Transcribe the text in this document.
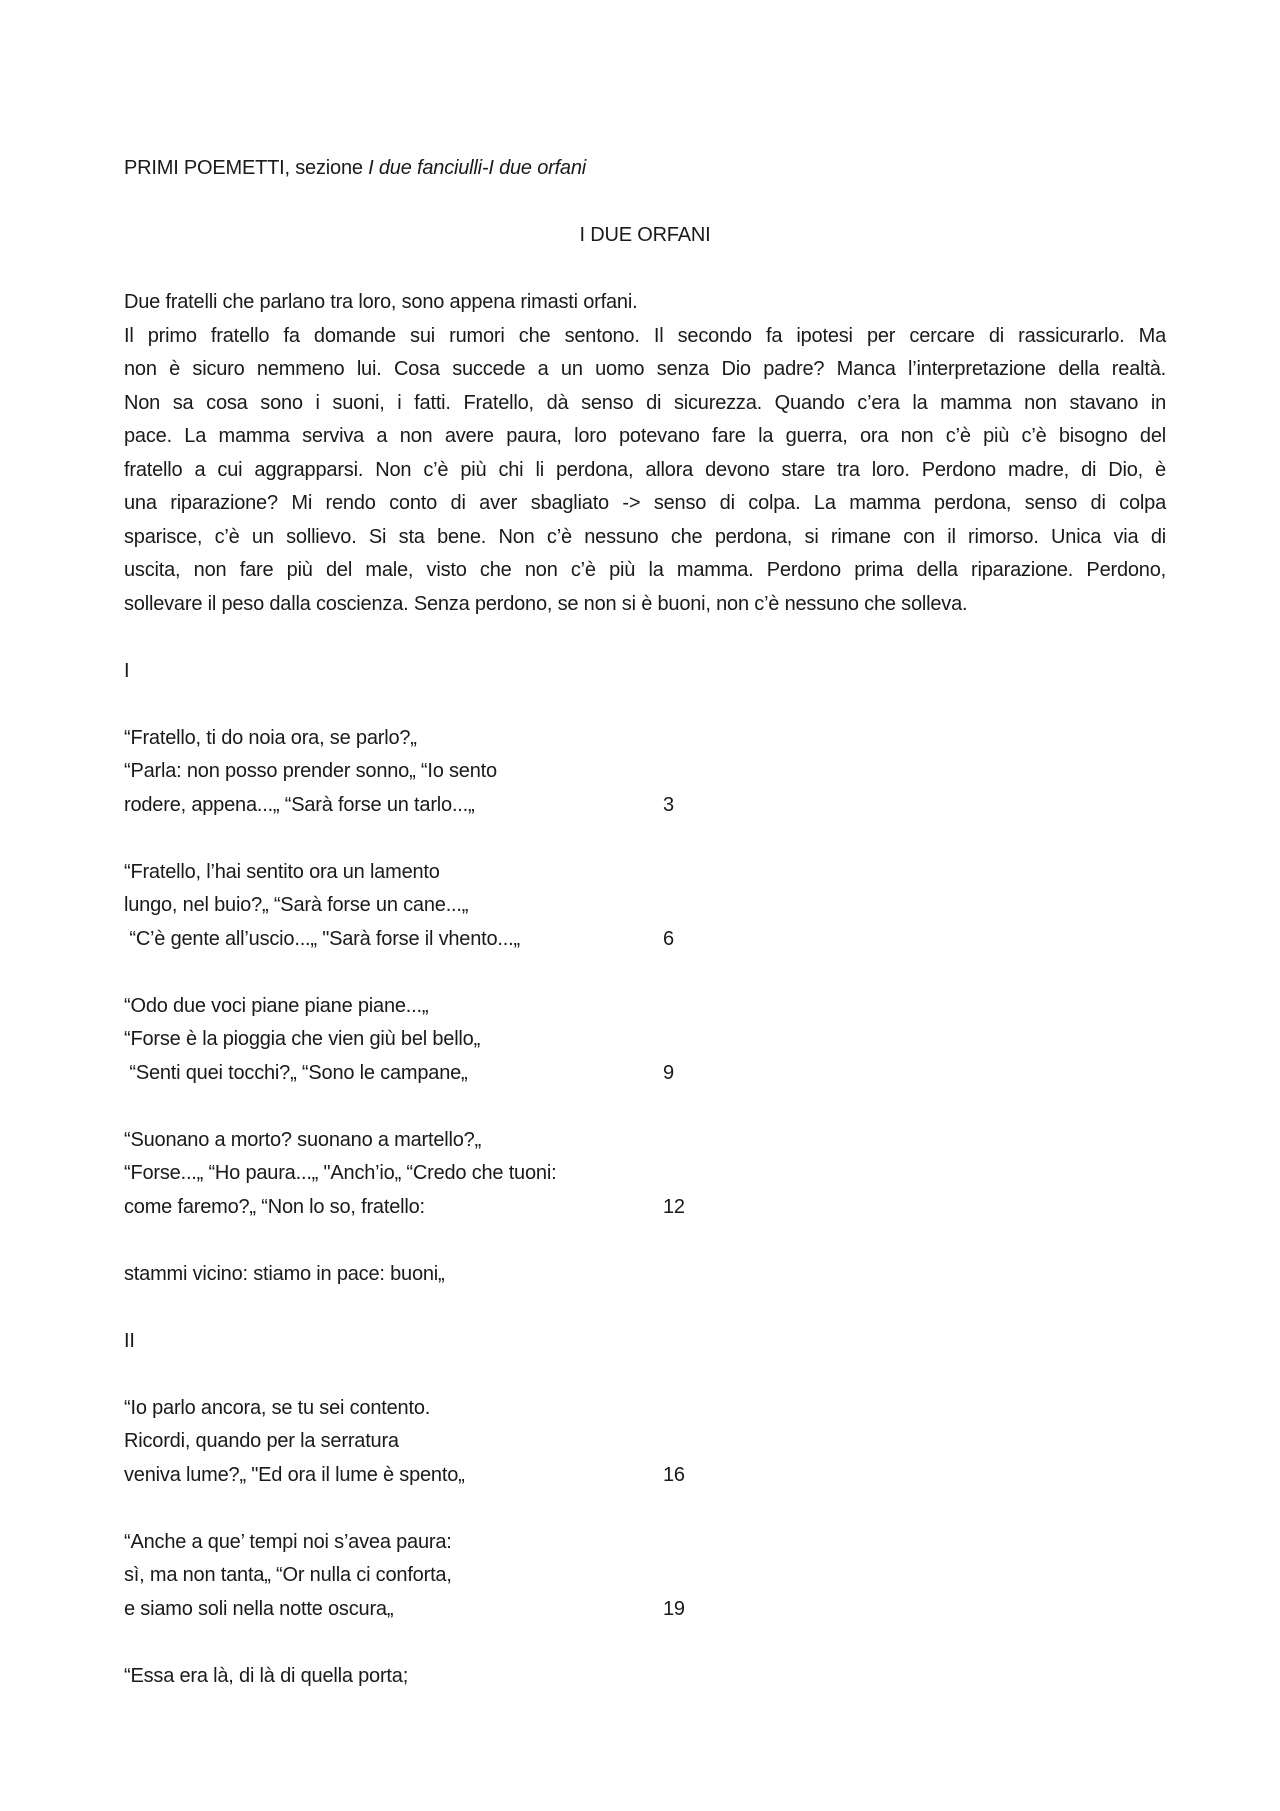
PRIMI POEMETTI, sezione I due fanciulli-I due orfani
I DUE ORFANI
Due fratelli che parlano tra loro, sono appena rimasti orfani.
Il primo fratello fa domande sui rumori che sentono. Il secondo fa ipotesi per cercare di rassicurarlo. Ma
non è sicuro nemmeno lui. Cosa succede a un uomo senza Dio padre? Manca l’interpretazione della realtà.
Non sa cosa sono i suoni, i fatti. Fratello, dà senso di sicurezza. Quando c’era la mamma non stavano in
pace. La mamma serviva a non avere paura, loro potevano fare la guerra, ora non c’è più c’è bisogno del
fratello a cui aggrapparsi. Non c’è più chi li perdona, allora devono stare tra loro. Perdono madre, di Dio, è
una riparazione? Mi rendo conto di aver sbagliato -> senso di colpa. La mamma perdona, senso di colpa
sparisce, c’è un sollievo. Si sta bene. Non c’è nessuno che perdona, si rimane con il rimorso. Unica via di
uscita, non fare più del male, visto che non c’è più la mamma. Perdono prima della riparazione. Perdono,
sollevare il peso dalla coscienza. Senza perdono, se non si è buoni, non c’è nessuno che solleva.
I
“Fratello, ti do noia ora, se parlo?„
“Parla: non posso prender sonno„ “Io sento
rodere, appena...„ “Sarà forse un tarlo...„	3
“Fratello, l’hai sentito ora un lamento
lungo, nel buio?„ “Sarà forse un cane...„
“C’è gente all’uscio...„ "Sarà forse il vhento...„	6
“Odo due voci piane piane piane...„
“Forse è la pioggia che vien giù bel bello„
“Senti quei tocchi?„ “Sono le campane„	9
“Suonano a morto? suonano a martello?„
“Forse...„ “Ho paura...„ "Anch’io„ “Credo che tuoni:
come faremo?„ “Non lo so, fratello:	12
stammi vicino: stiamo in pace: buoni„
II
“Io parlo ancora, se tu sei contento.
Ricordi, quando per la serratura
veniva lume?„ "Ed ora il lume è spento„	16
“Anche a que’ tempi noi s’avea paura:
sì, ma non tanta„ “Or nulla ci conforta,
e siamo soli nella notte oscura„	19
“Essa era là, di là di quella porta;
